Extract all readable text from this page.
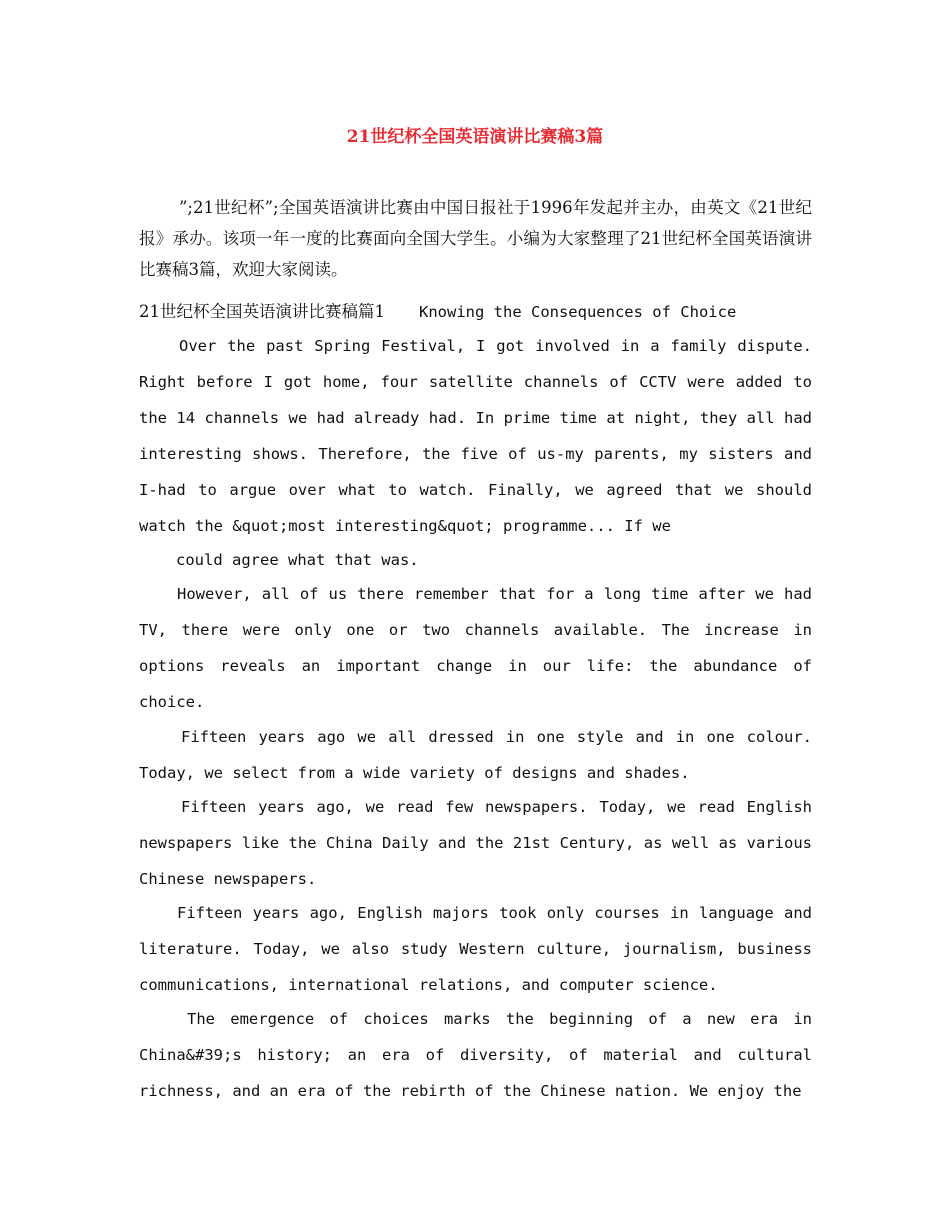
21世纪杯全国英语演讲比赛稿3篇

”;21世纪杯”;全国英语演讲比赛由中国日报社于1996年发起并主办，由英文《21世纪报》承办。该项一年一度的比赛面向全国大学生。小编为大家整理了21世纪杯全国英语演讲比赛稿3篇，欢迎大家阅读。

21世纪杯全国英语演讲比赛稿篇1 Knowing the Consequences of Choice

Over the past Spring Festival, I got involved in a family dispute. Right before I got home, four satellite channels of CCTV were added to the 14 channels we had already had. In prime time at night, they all had interesting shows. Therefore, the five of us-my parents, my sisters and I-had to argue over what to watch. Finally, we agreed that we should watch the &quot;most interesting&quot; programme... If we

could agree what that was.

However, all of us there remember that for a long time after we had TV, there were only one or two channels available. The increase in options reveals an important change in our life: the abundance of choice.

Fifteen years ago we all dressed in one style and in one colour. Today, we select from a wide variety of designs and shades.

Fifteen years ago, we read few newspapers. Today, we read English newspapers like the China Daily and the 21st Century, as well as various Chinese newspapers.

Fifteen years ago, English majors took only courses in language and literature. Today, we also study Western culture, journalism, business communications, international relations, and computer science.

The emergence of choices marks the beginning of a new era in China&#39;s history; an era of diversity, of material and cultural richness, and an era of the rebirth of the Chinese nation. We enjoy the
